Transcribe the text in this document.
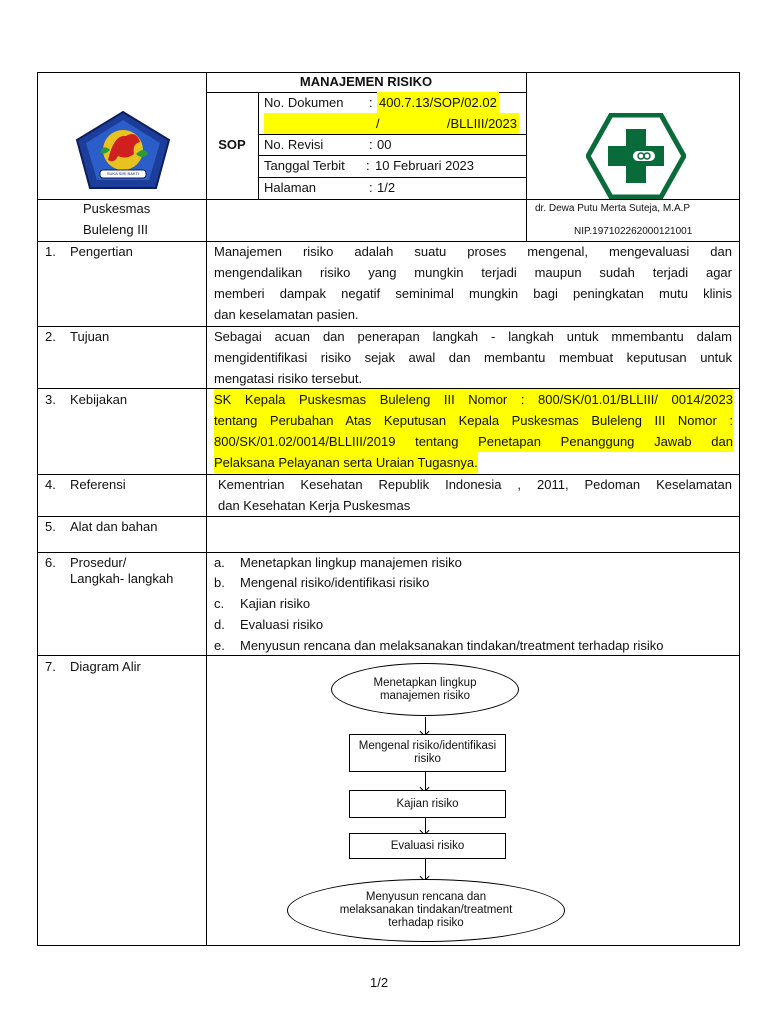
MANAJEMEN RISIKO
SOP
No. Dokumen : 400.7.13/SOP/02.02
/	/BLLIII/2023
No. Revisi	: 00
Tanggal Terbit : 10 Februari 2023
Halaman	: 1/2
SUKA SIRI BAKTI
Puskesmas
Buleleng III
dr. Dewa Putu Merta Suteja, M.A.P
NIP.197102262000121001
1. Pengertian	Manajemen risiko adalah suatu proses mengenal, mengevaluasi dan
mengendalikan risiko yang mungkin terjadi maupun sudah terjadi agar
memberi dampak negatif seminimal mungkin bagi peningkatan mutu klinis
dan keselamatan pasien.
2. Tujuan	Sebagai acuan dan penerapan langkah - langkah untuk mmembantu dalam
mengidentifikasi risiko sejak awal dan membantu membuat keputusan untuk
mengatasi risiko tersebut.
3. Kebijakan	SK Kepala Puskesmas Buleleng III Nomor : 800/SK/01.01/BLLIII/ 0014/2023
tentang Perubahan Atas Keputusan Kepala Puskesmas Buleleng III Nomor :
800/SK/01.02/0014/BLLIII/2019 tentang Penetapan Penanggung Jawab dan
Pelaksana Pelayanan serta Uraian Tugasnya.
4. Referensi	Kementrian Kesehatan Republik Indonesia , 2011, Pedoman Keselamatan
dan Kesehatan Kerja Puskesmas
5. Alat dan bahan
6. Prosedur/
Langkah- langkah
a. Menetapkan lingkup manajemen risiko
b. Mengenal risiko/identifikasi risiko
c. Kajian risiko
d. Evaluasi risiko
e. Menyusun rencana dan melaksanakan tindakan/treatment terhadap risiko
7. Diagram Alir
Menetapkan lingkup
manajemen risiko
Mengenal risiko/identifikasi
risiko
Kajian risiko
Evaluasi risiko
Menyusun rencana dan
melaksanakan tindakan/treatment
terhadap risiko
1/2
